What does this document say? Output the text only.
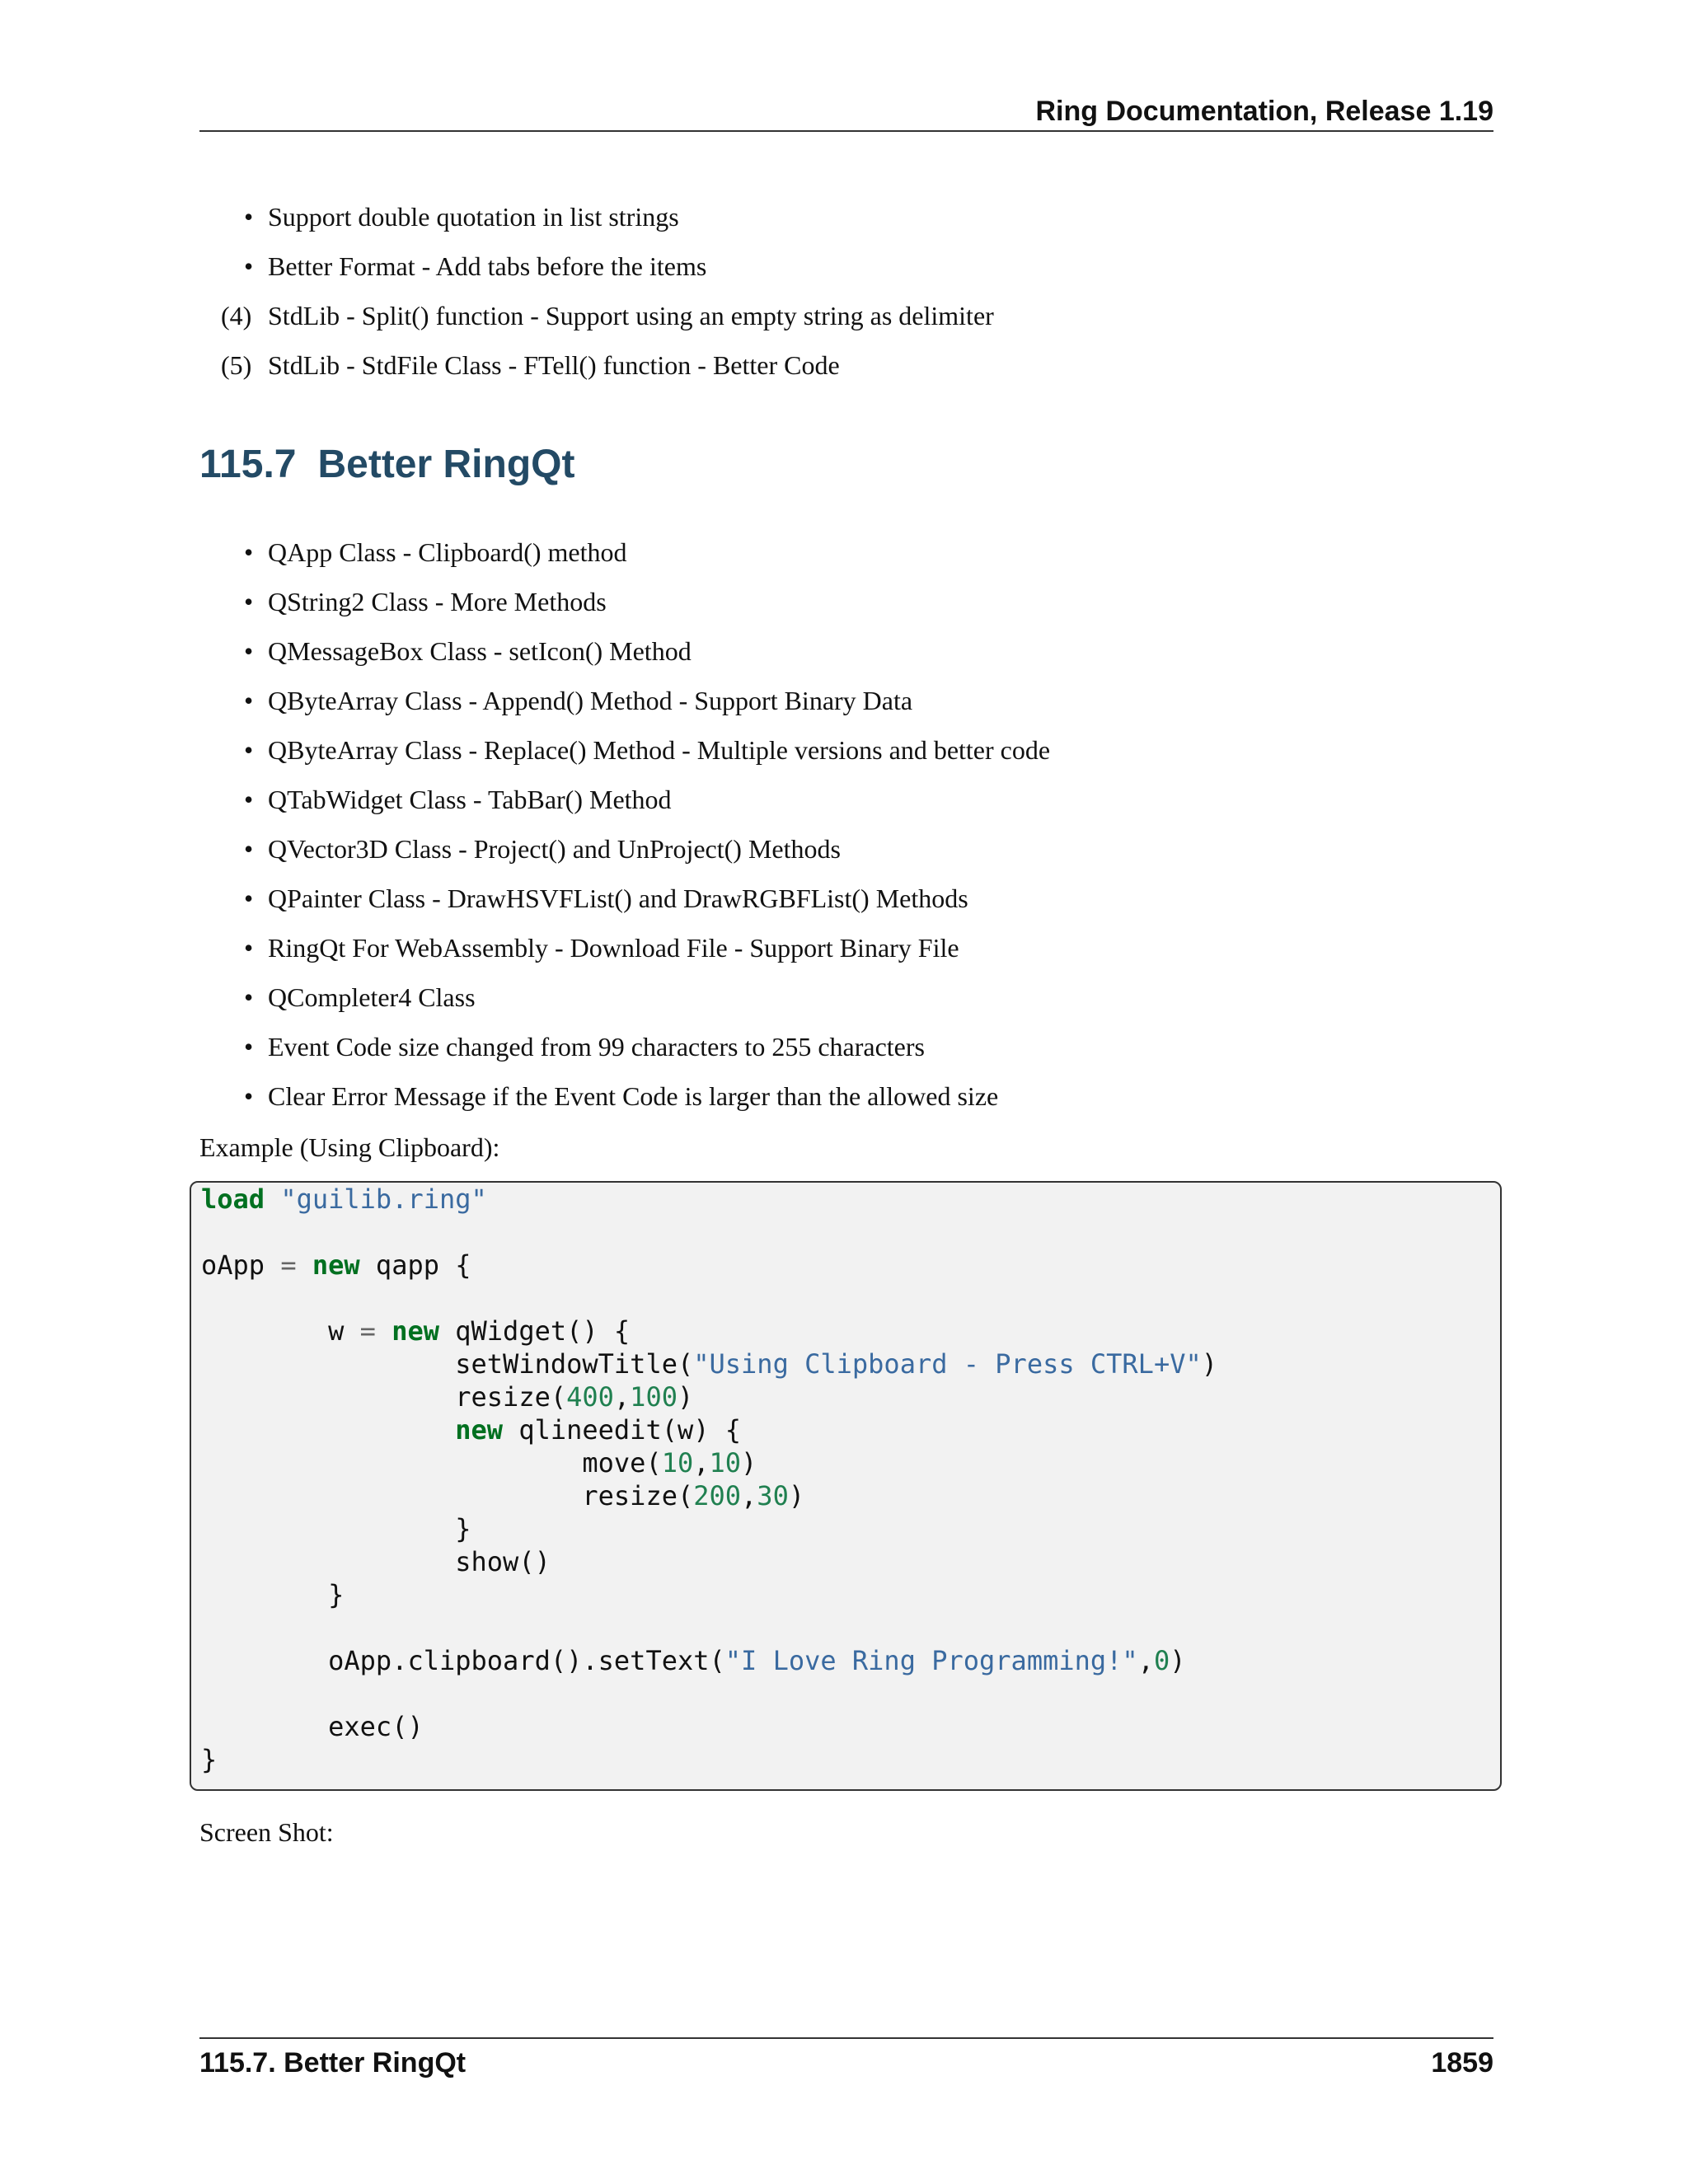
Ring Documentation, Release 1.19
• Support double quotation in list strings
• Better Format - Add tabs before the items
(4) StdLib - Split() function - Support using an empty string as delimiter
(5) StdLib - StdFile Class - FTell() function - Better Code
115.7 Better RingQt
• QApp Class - Clipboard() method
• QString2 Class - More Methods
• QMessageBox Class - setIcon() Method
• QByteArray Class - Append() Method - Support Binary Data
• QByteArray Class - Replace() Method - Multiple versions and better code
• QTabWidget Class - TabBar() Method
• QVector3D Class - Project() and UnProject() Methods
• QPainter Class - DrawHSVFList() and DrawRGBFList() Methods
• RingQt For WebAssembly - Download File - Support Binary File
• QCompleter4 Class
• Event Code size changed from 99 characters to 255 characters
• Clear Error Message if the Event Code is larger than the allowed size

Example (Using Clipboard):

load "guilib.ring"

oApp = new qapp {

w = new qWidget() {
setWindowTitle("Using Clipboard - Press CTRL+V")
resize(400,100)
new qlineedit(w) {
move(10,10)
resize(200,30)
}
show()
}

oApp.clipboard().setText("I Love Ring Programming!",0)

exec()
}

Screen Shot:

115.7. Better RingQt	1859
